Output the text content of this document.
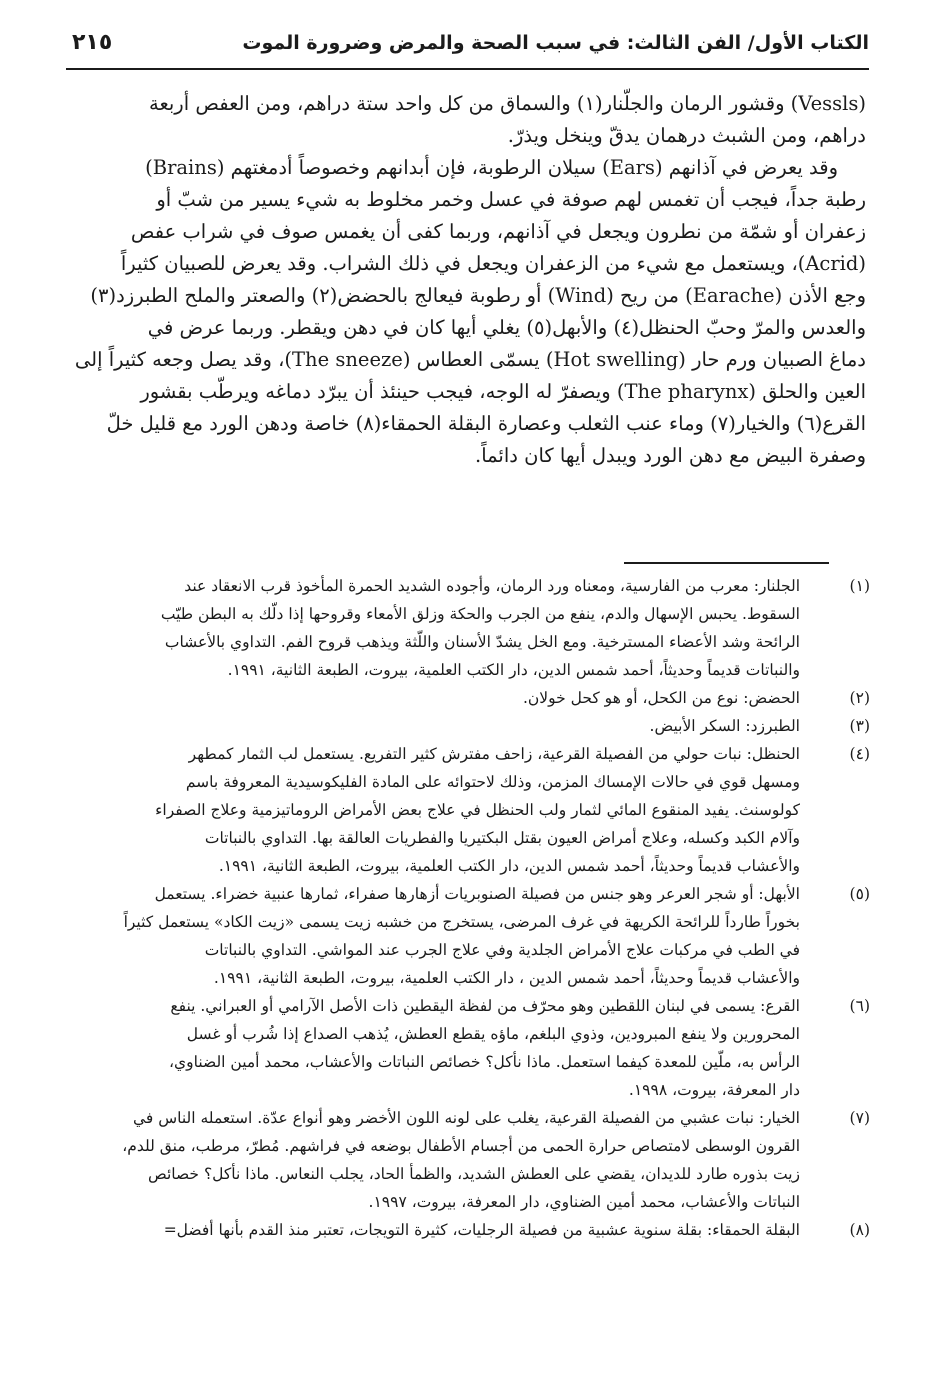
الكتاب الأول/ الفن الثالث: في سبب الصحة والمرض وضرورة الموت
٢١٥
(Vessls) وقشور الرمان والجلّنار(١) والسماق من كل واحد ستة دراهم، ومن العفص أربعة
دراهم، ومن الشبث درهمان يدقّ وينخل ويذرّ.
وقد يعرض في آذانهم (Ears) سيلان الرطوبة، فإن أبدانهم وخصوصاً أدمغتهم (Brains)
رطبة جداً، فيجب أن تغمس لهم صوفة في عسل وخمر مخلوط به شيء يسير من شبّ أو
زعفران أو شمّة من نطرون ويجعل في آذانهم، وربما كفى أن يغمس صوف في شراب عفص
(Acrid)، ويستعمل مع شيء من الزعفران ويجعل في ذلك الشراب. وقد يعرض للصبيان كثيراً
وجع الأذن (Earache) من ريح (Wind) أو رطوبة فيعالج بالحضض(٢) والصعتر والملح الطبرزد(٣)
والعدس والمرّ وحبّ الحنظل(٤) والأبهل(٥) يغلي أيها كان في دهن ويقطر. وربما عرض في
دماغ الصبيان ورم حار (Hot swelling) يسمّى العطاس (The sneeze)، وقد يصل وجعه كثيراً إلى
العين والحلق (The pharynx) ويصفرّ له الوجه، فيجب حينئذ أن يبرّد دماغه ويرطّب بقشور
القرع(٦) والخيار(٧) وماء عنب الثعلب وعصارة البقلة الحمقاء(٨) خاصة ودهن الورد مع قليل خلّ
وصفرة البيض مع دهن الورد ويبدل أيها كان دائماً.
(١)
الجلنار: معرب من الفارسية، ومعناه ورد الرمان، وأجوده الشديد الحمرة المأخوذ قرب الانعقاد عند
السقوط. يحبس الإسهال والدم، ينفع من الجرب والحكة وزلق الأمعاء وقروحها إذا دلّك به البطن طيّب
الرائحة وشد الأعضاء المسترخية. ومع الخل يشدّ الأسنان واللّثة ويذهب قروح الفم. التداوي بالأعشاب
والنباتات قديماً وحديثاً، أحمد شمس الدين، دار الكتب العلمية، بيروت، الطبعة الثانية، ١٩٩١.
(٢)
الحضض: نوع من الكحل، أو هو كحل خولان.
(٣)
الطبرزد: السكر الأبيض.
(٤)
الحنظل: نبات حولي من الفصيلة القرعية، زاحف مفترش كثير التفريع. يستعمل لب الثمار كمطهر
ومسهل قوي في حالات الإمساك المزمن، وذلك لاحتوائه على المادة الفليكوسيدية المعروفة باسم
كولوسنث. يفيد المنقوع المائي لثمار ولب الحنظل في علاج بعض الأمراض الروماتيزمية وعلاج الصفراء
وآلام الكبد وكسله، وعلاج أمراض العيون بقتل البكتيريا والفطريات العالقة بها. التداوي بالنباتات
والأعشاب قديماً وحديثاً، أحمد شمس الدين، دار الكتب العلمية، بيروت، الطبعة الثانية، ١٩٩١.
(٥)
الأبهل: أو شجر العرعر وهو جنس من فصيلة الصنوبريات أزهارها صفراء، ثمارها عنبية خضراء. يستعمل
بخوراً طارداً للرائحة الكريهة في غرف المرضى، يستخرج من خشبه زيت يسمى «زيت الكاد» يستعمل كثيراً
في الطب في مركبات علاج الأمراض الجلدية وفي علاج الجرب عند المواشي. التداوي بالنباتات
والأعشاب قديماً وحديثاً، أحمد شمس الدين ، دار الكتب العلمية، بيروت، الطبعة الثانية، ١٩٩١.
(٦)
القرع: يسمى في لبنان اللقطين وهو محرّف من لفظة اليقطين ذات الأصل الآرامي أو العبراني. ينفع
المحرورين ولا ينفع المبرودين، وذوي البلغم، ماؤه يقطع العطش، يُذهب الصداع إذا شُرب أو غسل
الرأس به، ملّين للمعدة كيفما استعمل. ماذا نأكل؟ خصائص النباتات والأعشاب، محمد أمين الضناوي،
دار المعرفة، بيروت، ١٩٩٨.
(٧)
الخيار: نبات عشبي من الفصيلة القرعية، يغلب على لونه اللون الأخضر وهو أنواع عدّة. استعمله الناس في
القرون الوسطى لامتصاص حرارة الحمى من أجسام الأطفال بوضعه في فراشهم. مُطرّ، مرطب، منق للدم،
زيت بذوره طارد للديدان، يقضي على العطش الشديد، والظمأ الحاد، يجلب النعاس. ماذا نأكل؟ خصائص
النباتات والأعشاب، محمد أمين الضناوي، دار المعرفة، بيروت، ١٩٩٧.
(٨)
البقلة الحمقاء: بقلة سنوية عشبية من فصيلة الرجليات، كثيرة التويجات، تعتبر منذ القدم بأنها أفضل=
